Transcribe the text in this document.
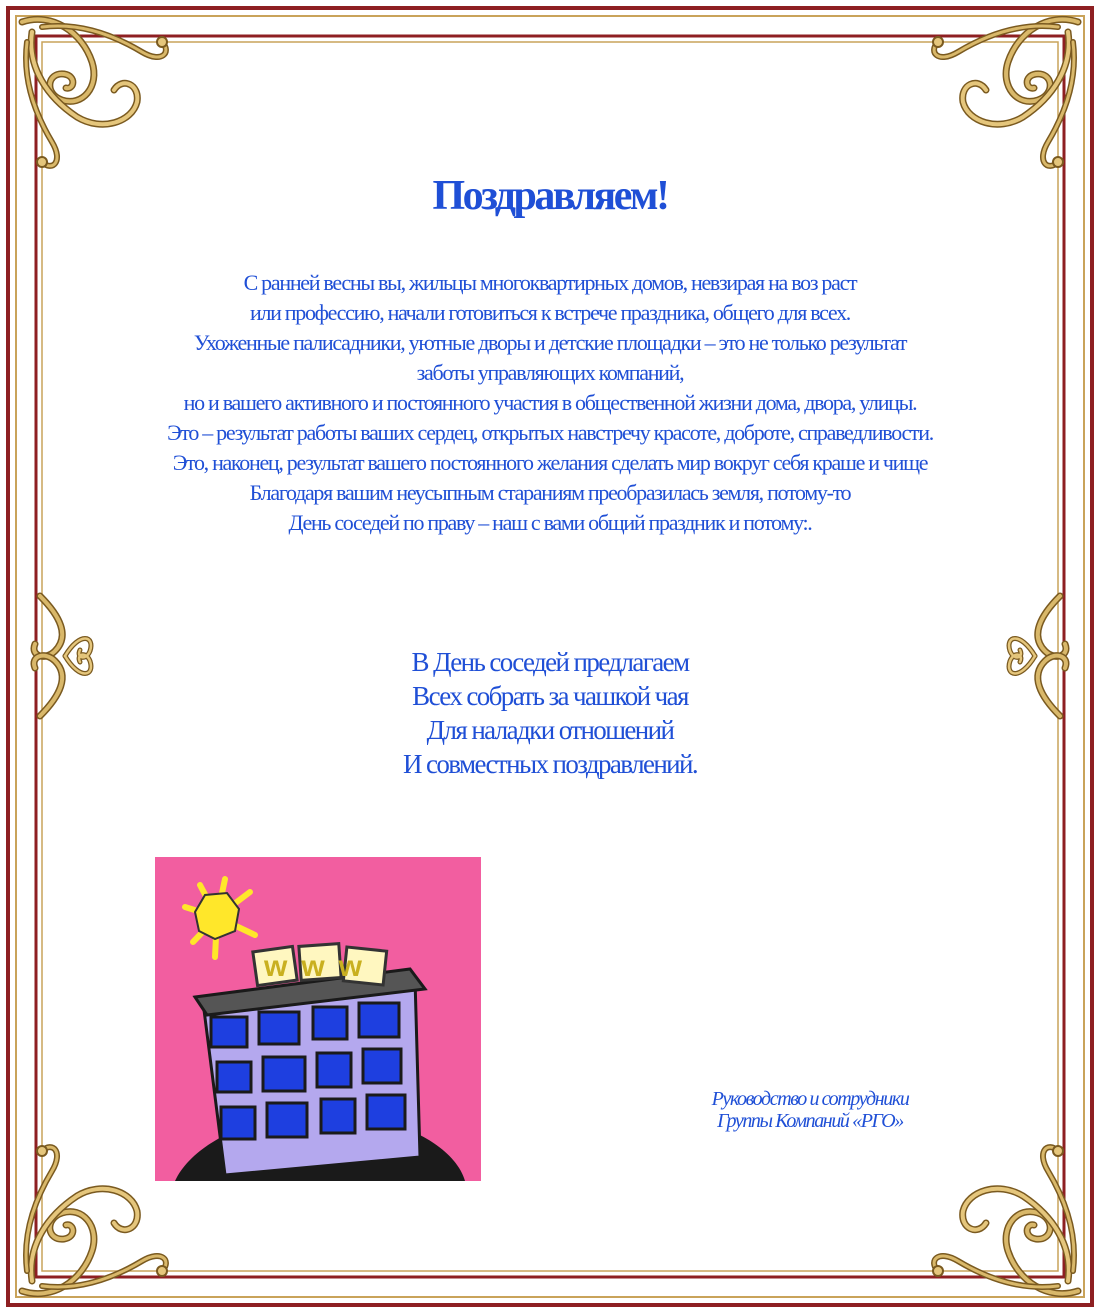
Поздравляем!
С ранней весны вы, жильцы многоквартирных домов, невзирая на воз раст
или профессию, начали готовиться к встрече праздника, общего для всех.
Ухоженные палисадники, уютные дворы и детские площадки – это не только результат
заботы управляющих компаний,
но и вашего активного и постоянного участия в общественной жизни дома, двора, улицы.
Это – результат работы ваших сердец, открытых навстречу красоте, доброте, справедливости.
Это, наконец, результат вашего постоянного желания сделать мир вокруг себя краше и чище
Благодаря вашим неусыпным стараниям преобразилась земля, потому-то
День соседей по праву – наш с вами общий праздник и потому:.
В День соседей предлагаем
Всех собрать за чашкой чая
Для наладки отношений
И совместных поздравлений.
www
Руководство и сотрудники
Группы Компаний «РГО»
